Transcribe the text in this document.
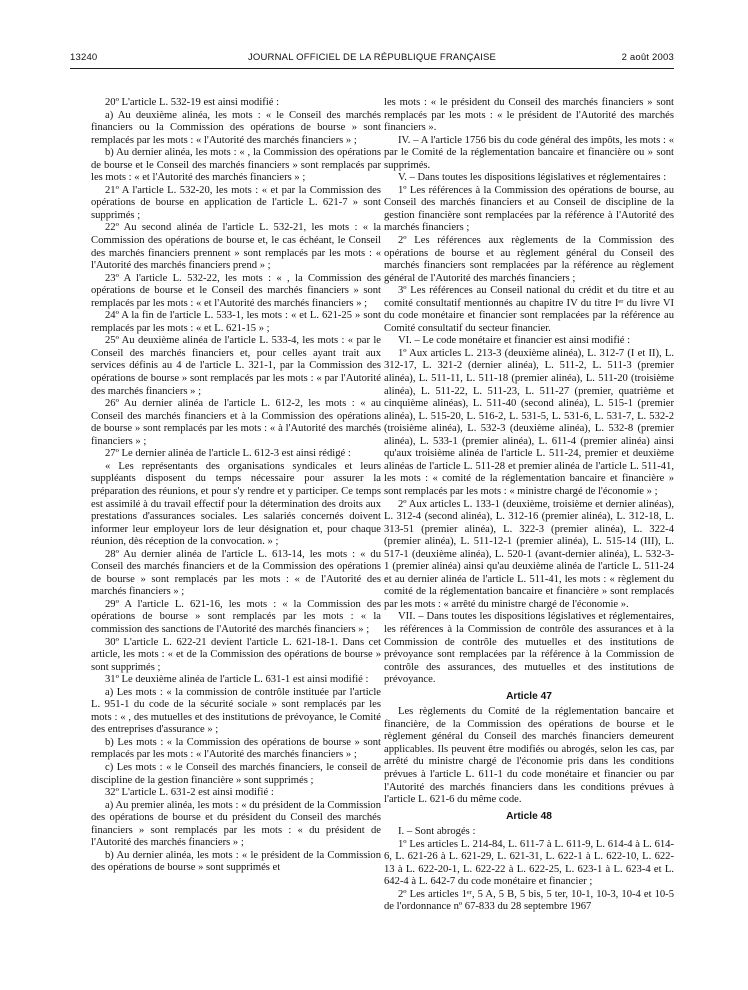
13240	JOURNAL OFFICIEL DE LA RÉPUBLIQUE FRANÇAISE	2 août 2003

20º L'article L. 532-19 est ainsi modifié :

a) Au deuxième alinéa, les mots : « le Conseil des marchés financiers ou la Commission des opérations de bourse » sont remplacés par les mots : « l'Autorité des marchés financiers » ;

b) Au dernier alinéa, les mots : « , la Commission des opérations de bourse et le Conseil des marchés financiers » sont remplacés par les mots : « et l'Autorité des marchés financiers » ;

21º A l'article L. 532-20, les mots : « et par la Commission des opérations de bourse en application de l'article L. 621-7 » sont supprimés ;

22º Au second alinéa de l'article L. 532-21, les mots : « la Commission des opérations de bourse et, le cas échéant, le Conseil des marchés financiers prennent » sont remplacés par les mots : « l'Autorité des marchés financiers prend » ;

23º A l'article L. 532-22, les mots : « , la Commission des opérations de bourse et le Conseil des marchés financiers » sont remplacés par les mots : « et l'Autorité des marchés financiers » ;

24º A la fin de l'article L. 533-1, les mots : « et L. 621-25 » sont remplacés par les mots : « et L. 621-15 » ;

25º Au deuxième alinéa de l'article L. 533-4, les mots : « par le Conseil des marchés financiers et, pour celles ayant trait aux services définis au 4 de l'article L. 321-1, par la Commission des opérations de bourse » sont remplacés par les mots : « par l'Autorité des marchés financiers » ;

26º Au dernier alinéa de l'article L. 612-2, les mots : « au Conseil des marchés financiers et à la Commission des opérations de bourse » sont remplacés par les mots : « à l'Autorité des marchés financiers » ;

27º Le dernier alinéa de l'article L. 612-3 est ainsi rédigé :

« Les représentants des organisations syndicales et leurs suppléants disposent du temps nécessaire pour assurer la préparation des réunions, et pour s'y rendre et y participer. Ce temps est assimilé à du travail effectif pour la détermination des droits aux prestations d'assurances sociales. Les salariés concernés doivent informer leur employeur lors de leur désignation et, pour chaque réunion, dès réception de la convocation. » ;

28º Au dernier alinéa de l'article L. 613-14, les mots : « du Conseil des marchés financiers et de la Commission des opérations de bourse » sont remplacés par les mots : « de l'Autorité des marchés financiers » ;

29º A l'article L. 621-16, les mots : « la Commission des opérations de bourse » sont remplacés par les mots : « la commission des sanctions de l'Autorité des marchés financiers » ;

30º L'article L. 622-21 devient l'article L. 621-18-1. Dans cet article, les mots : « et de la Commission des opérations de bourse » sont supprimés ;

31º Le deuxième alinéa de l'article L. 631-1 est ainsi modifié :

a) Les mots : « la commission de contrôle instituée par l'article L. 951-1 du code de la sécurité sociale » sont remplacés par les mots : « , des mutuelles et des institutions de prévoyance, le Comité des entreprises d'assurance » ;

b) Les mots : « la Commission des opérations de bourse » sont remplacés par les mots : « l'Autorité des marchés financiers » ;

c) Les mots : « le Conseil des marchés financiers, le conseil de discipline de la gestion financière » sont supprimés ;

32º L'article L. 631-2 est ainsi modifié :

a) Au premier alinéa, les mots : « du président de la Commission des opérations de bourse et du président du Conseil des marchés financiers » sont remplacés par les mots : « du président de l'Autorité des marchés financiers » ;

b) Au dernier alinéa, les mots : « le président de la Commission des opérations de bourse » sont supprimés et

les mots : « le président du Conseil des marchés financiers » sont remplacés par les mots : « le président de l'Autorité des marchés financiers ».

IV. – A l'article 1756 bis du code général des impôts, les mots : « par le Comité de la réglementation bancaire et financière ou » sont supprimés.

V. – Dans toutes les dispositions législatives et réglementaires :

1º Les références à la Commission des opérations de bourse, au Conseil des marchés financiers et au Conseil de discipline de la gestion financière sont remplacées par la référence à l'Autorité des marchés financiers ;

2º Les références aux règlements de la Commission des opérations de bourse et au règlement général du Conseil des marchés financiers sont remplacées par la référence au règlement général de l'Autorité des marchés financiers ;

3º Les références au Conseil national du crédit et du titre et au comité consultatif mentionnés au chapitre IV du titre Iᵉʳ du livre VI du code monétaire et financier sont remplacées par la référence au Comité consultatif du secteur financier.

VI. – Le code monétaire et financier est ainsi modifié :

1º Aux articles L. 213-3 (deuxième alinéa), L. 312-7 (I et II), L. 312-17, L. 321-2 (dernier alinéa), L. 511-2, L. 511-3 (premier alinéa), L. 511-11, L. 511-18 (premier alinéa), L. 511-20 (troisième alinéa), L. 511-22, L. 511-23, L. 511-27 (premier, quatrième et cinquième alinéas), L. 511-40 (second alinéa), L. 515-1 (premier alinéa), L. 515-20, L. 516-2, L. 531-5, L. 531-6, L. 531-7, L. 532-2 (troisième alinéa), L. 532-3 (deuxième alinéa), L. 532-8 (premier alinéa), L. 533-1 (premier alinéa), L. 611-4 (premier alinéa) ainsi qu'aux troisième alinéa de l'article L. 511-24, premier et deuxième alinéas de l'article L. 511-28 et premier alinéa de l'article L. 511-41, les mots : « comité de la réglementation bancaire et financière » sont remplacés par les mots : « ministre chargé de l'économie » ;

2º Aux articles L. 133-1 (deuxième, troisième et dernier alinéas), L. 312-4 (second alinéa), L. 312-16 (premier alinéa), L. 312-18, L. 313-51 (premier alinéa), L. 322-3 (premier alinéa), L. 322-4 (premier alinéa), L. 511-12-1 (premier alinéa), L. 515-14 (III), L. 517-1 (deuxième alinéa), L. 520-1 (avant-dernier alinéa), L. 532-3-1 (premier alinéa) ainsi qu'au deuxième alinéa de l'article L. 511-24 et au dernier alinéa de l'article L. 511-41, les mots : « règlement du comité de la réglementation bancaire et financière » sont remplacés par les mots : « arrêté du ministre chargé de l'économie ».

VII. – Dans toutes les dispositions législatives et réglementaires, les références à la Commission de contrôle des assurances et à la Commission de contrôle des mutuelles et des institutions de prévoyance sont remplacées par la référence à la Commission de contrôle des assurances, des mutuelles et des institutions de prévoyance.

Article 47

Les règlements du Comité de la réglementation bancaire et financière, de la Commission des opérations de bourse et le règlement général du Conseil des marchés financiers demeurent applicables. Ils peuvent être modifiés ou abrogés, selon les cas, par arrêté du ministre chargé de l'économie pris dans les conditions prévues à l'article L. 611-1 du code monétaire et financier ou par l'Autorité des marchés financiers dans les conditions prévues à l'article L. 621-6 du même code.

Article 48

I. – Sont abrogés :

1º Les articles L. 214-84, L. 611-7 à L. 611-9, L. 614-4 à L. 614-6, L. 621-26 à L. 621-29, L. 621-31, L. 622-1 à L. 622-10, L. 622-13 à L. 622-20-1, L. 622-22 à L. 622-25, L. 623-1 à L. 623-4 et L. 642-4 à L. 642-7 du code monétaire et financier ;

2º Les articles 1ᵉʳ, 5 A, 5 B, 5 bis, 5 ter, 10-1, 10-3, 10-4 et 10-5 de l'ordonnance nº 67-833 du 28 septembre 1967
